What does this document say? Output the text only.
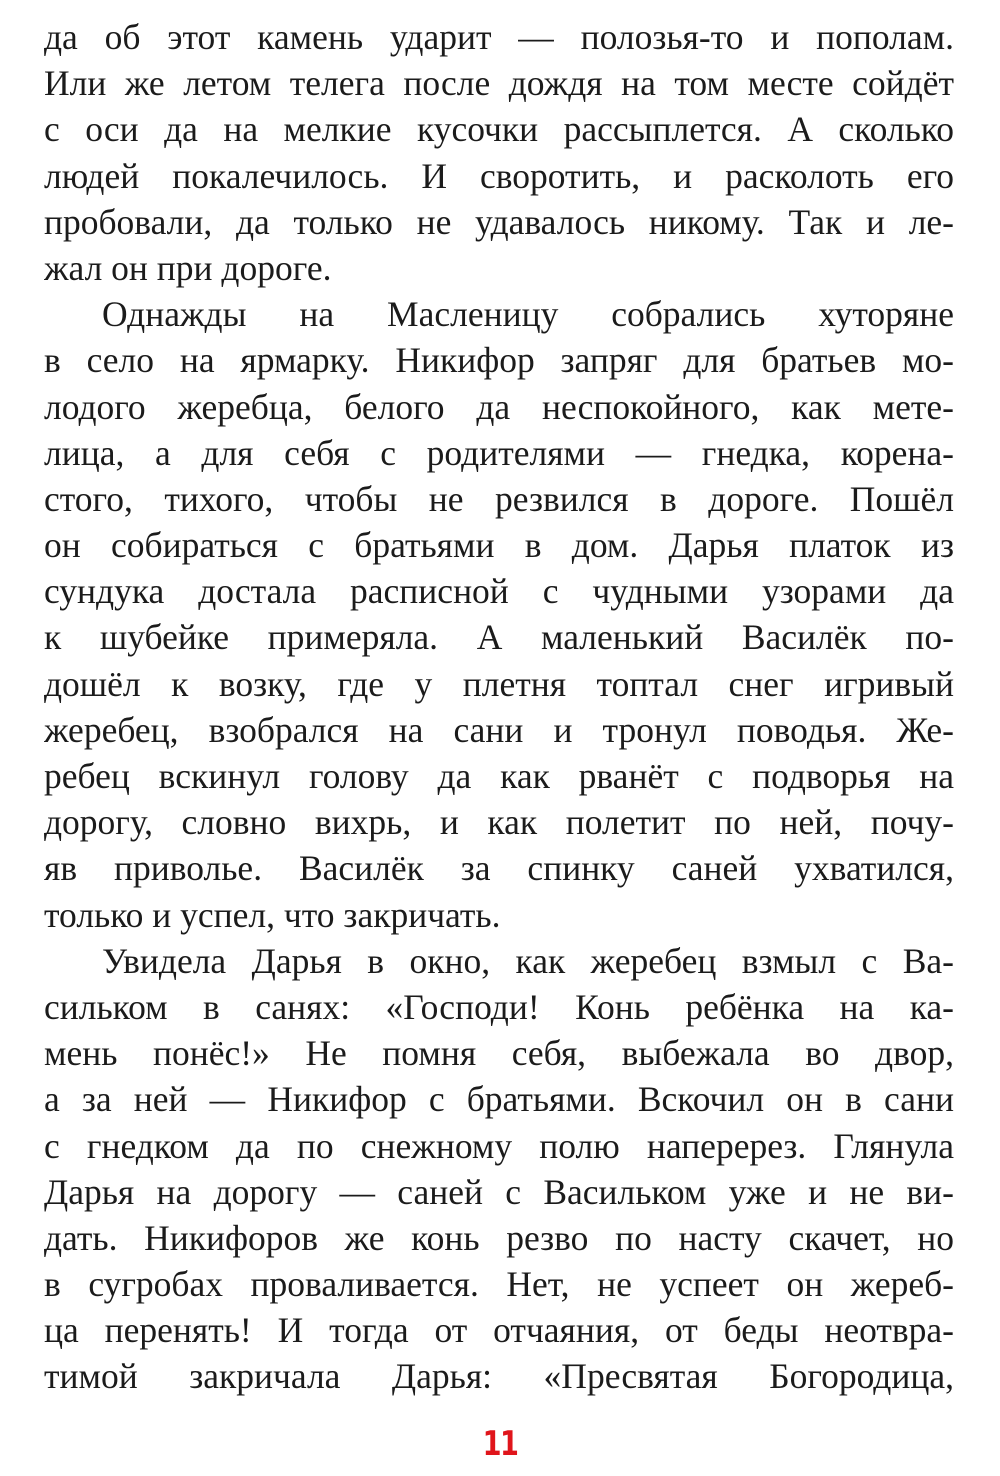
да об этот камень ударит — полозья-то и пополам.
Или же летом телега после дождя на том месте сойдёт
с оси да на мелкие кусочки рассыплется. А сколько
людей покалечилось. И своротить, и расколоть его
пробовали, да только не удавалось никому. Так и ле-
жал он при дороге.
Однажды на Масленицу собрались хуторяне
в село на ярмарку. Никифор запряг для братьев мо-
лодого жеребца, белого да неспокойного, как мете-
лица, а для себя с родителями — гнедка, корена-
стого, тихого, чтобы не резвился в дороге. Пошёл
он собираться с братьями в дом. Дарья платок из
сундука достала расписной с чудными узорами да
к шубейке примеряла. А маленький Василёк по-
дошёл к возку, где у плетня топтал снег игривый
жеребец, взобрался на сани и тронул поводья. Же-
ребец вскинул голову да как рванёт с подворья на
дорогу, словно вихрь, и как полетит по ней, почу-
яв приволье. Василёк за спинку саней ухватился,
только и успел, что закричать.
Увидела Дарья в окно, как жеребец взмыл с Ва-
сильком в санях: «Господи! Конь ребёнка на ка-
мень понёс!» Не помня себя, выбежала во двор,
а за ней — Никифор с братьями. Вскочил он в сани
с гнедком да по снежному полю наперерез. Глянула
Дарья на дорогу — саней с Васильком уже и не ви-
дать. Никифоров же конь резво по насту скачет, но
в сугробах проваливается. Нет, не успеет он жереб-
ца перенять! И тогда от отчаяния, от беды неотвра-
тимой закричала Дарья: «Пресвятая Богородица,
11
